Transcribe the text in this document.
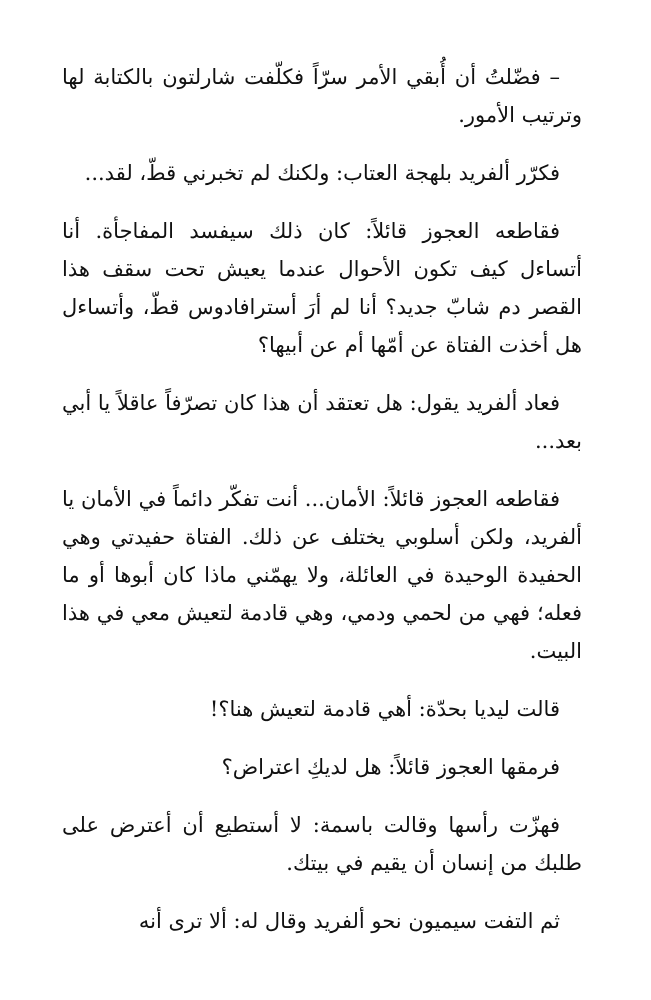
– فضّلتُ أن أُبقي الأمر سرّاً فكلّفت شارلتون بالكتابة لها وترتيب الأمور.

فكرّر ألفريد بلهجة العتاب: ولكنك لم تخبرني قطّ، لقد...

فقاطعه العجوز قائلاً: كان ذلك سيفسد المفاجأة. أنا أتساءل كيف تكون الأحوال عندما يعيش تحت سقف هذا القصر دم شابّ جديد؟ أنا لم أرَ أسترافادوس قطّ، وأتساءل هل أخذت الفتاة عن أمّها أم عن أبيها؟

فعاد ألفريد يقول: هل تعتقد أن هذا كان تصرّفاً عاقلاً يا أبي بعد...

فقاطعه العجوز قائلاً: الأمان... أنت تفكّر دائماً في الأمان يا ألفريد، ولكن أسلوبي يختلف عن ذلك. الفتاة حفيدتي وهي الحفيدة الوحيدة في العائلة، ولا يهمّني ماذا كان أبوها أو ما فعله؛ فهي من لحمي ودمي، وهي قادمة لتعيش معي في هذا البيت.

قالت ليديا بحدّة: أهي قادمة لتعيش هنا؟!

فرمقها العجوز قائلاً: هل لديكِ اعتراض؟

فهزّت رأسها وقالت باسمة: لا أستطيع أن أعترض على طلبك من إنسان أن يقيم في بيتك.

ثم التفت سيميون نحو ألفريد وقال له: ألا ترى أنه
